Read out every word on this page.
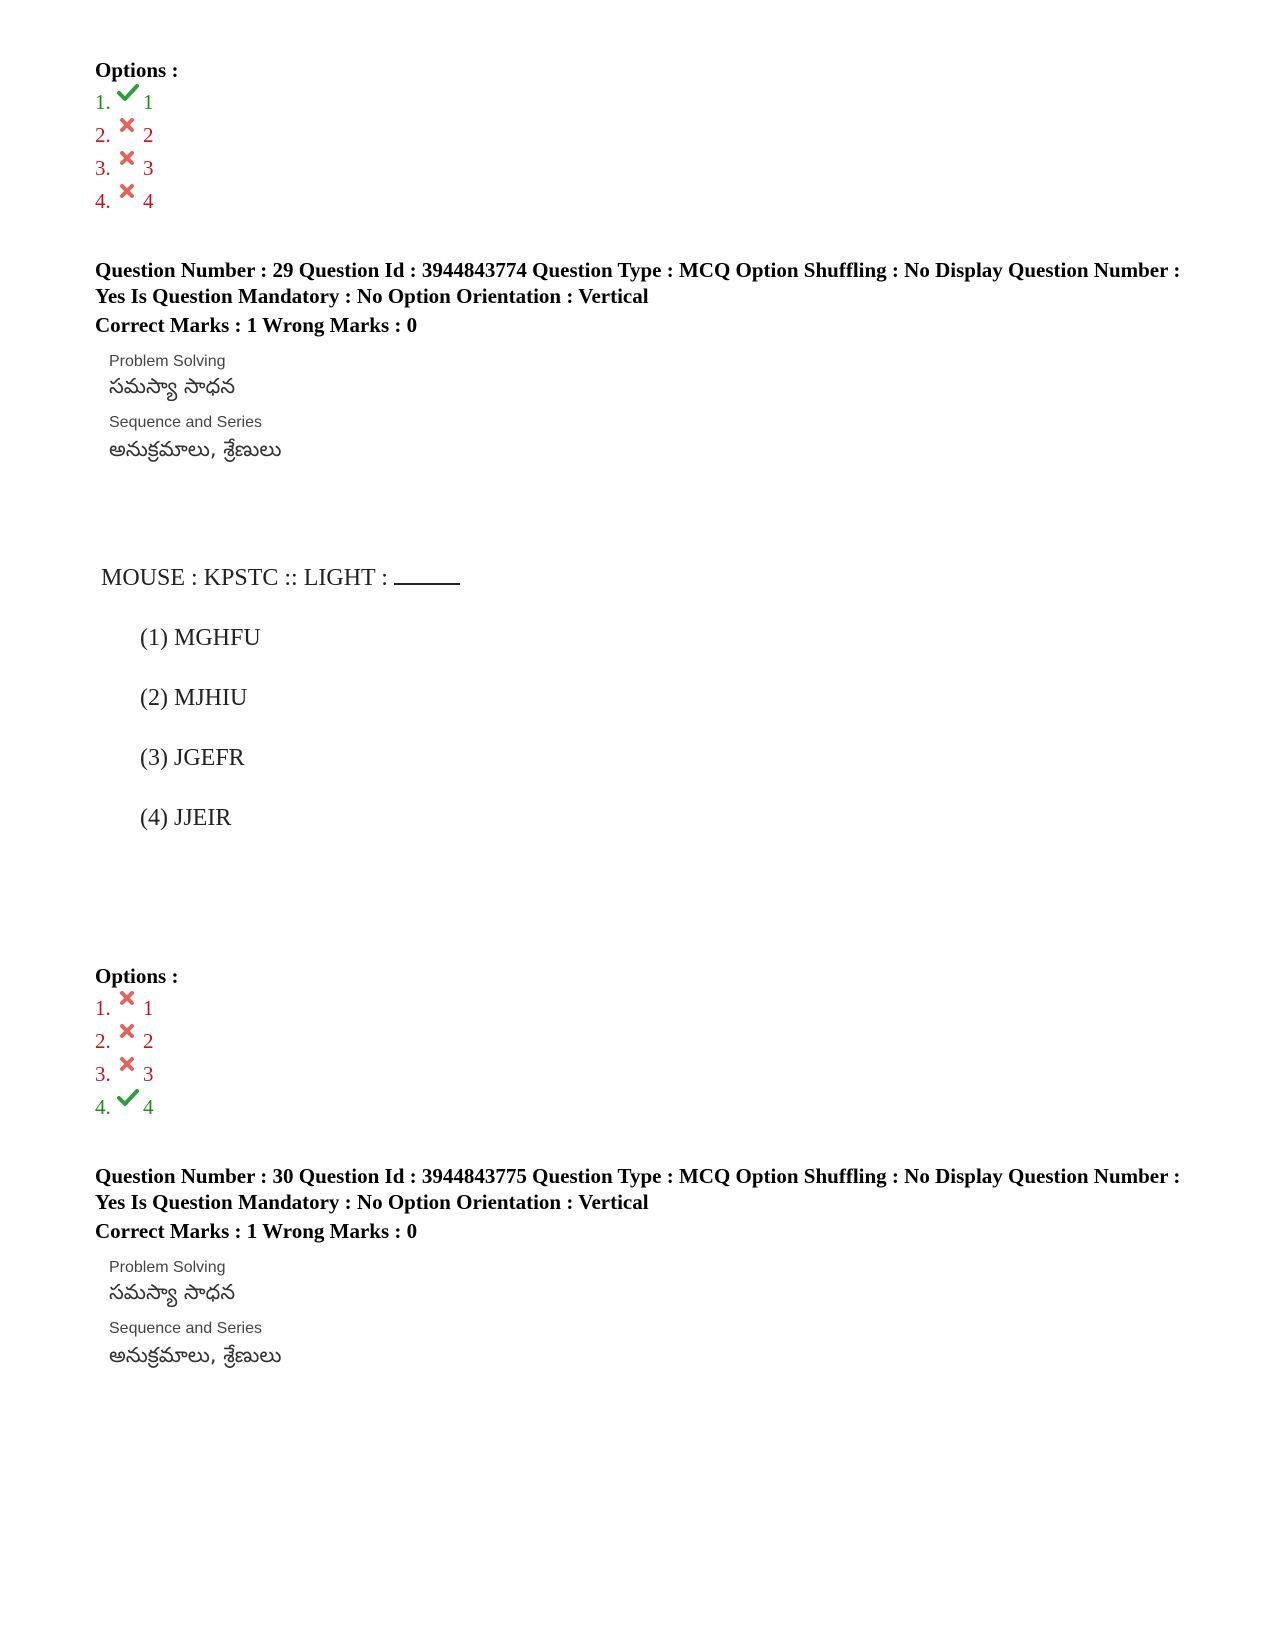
Options :
1. 1
2. 2
3. 3
4. 4
Question Number : 29 Question Id : 3944843774 Question Type : MCQ Option Shuffling : No Display Question Number : Yes Is Question Mandatory : No Option Orientation : Vertical
Correct Marks : 1 Wrong Marks : 0
Problem Solving
సమస్యా సాధన
Sequence and Series
అనుక్రమాలు, శ్రేణులు
MOUSE : KPSTC :: LIGHT :
(1) MGHFU
(2) MJHIU
(3) JGEFR
(4) JJEIR
Options :
1. 1
2. 2
3. 3
4. 4
Question Number : 30 Question Id : 3944843775 Question Type : MCQ Option Shuffling : No Display Question Number : Yes Is Question Mandatory : No Option Orientation : Vertical
Correct Marks : 1 Wrong Marks : 0
Problem Solving
సమస్యా సాధన
Sequence and Series
అనుక్రమాలు, శ్రేణులు
